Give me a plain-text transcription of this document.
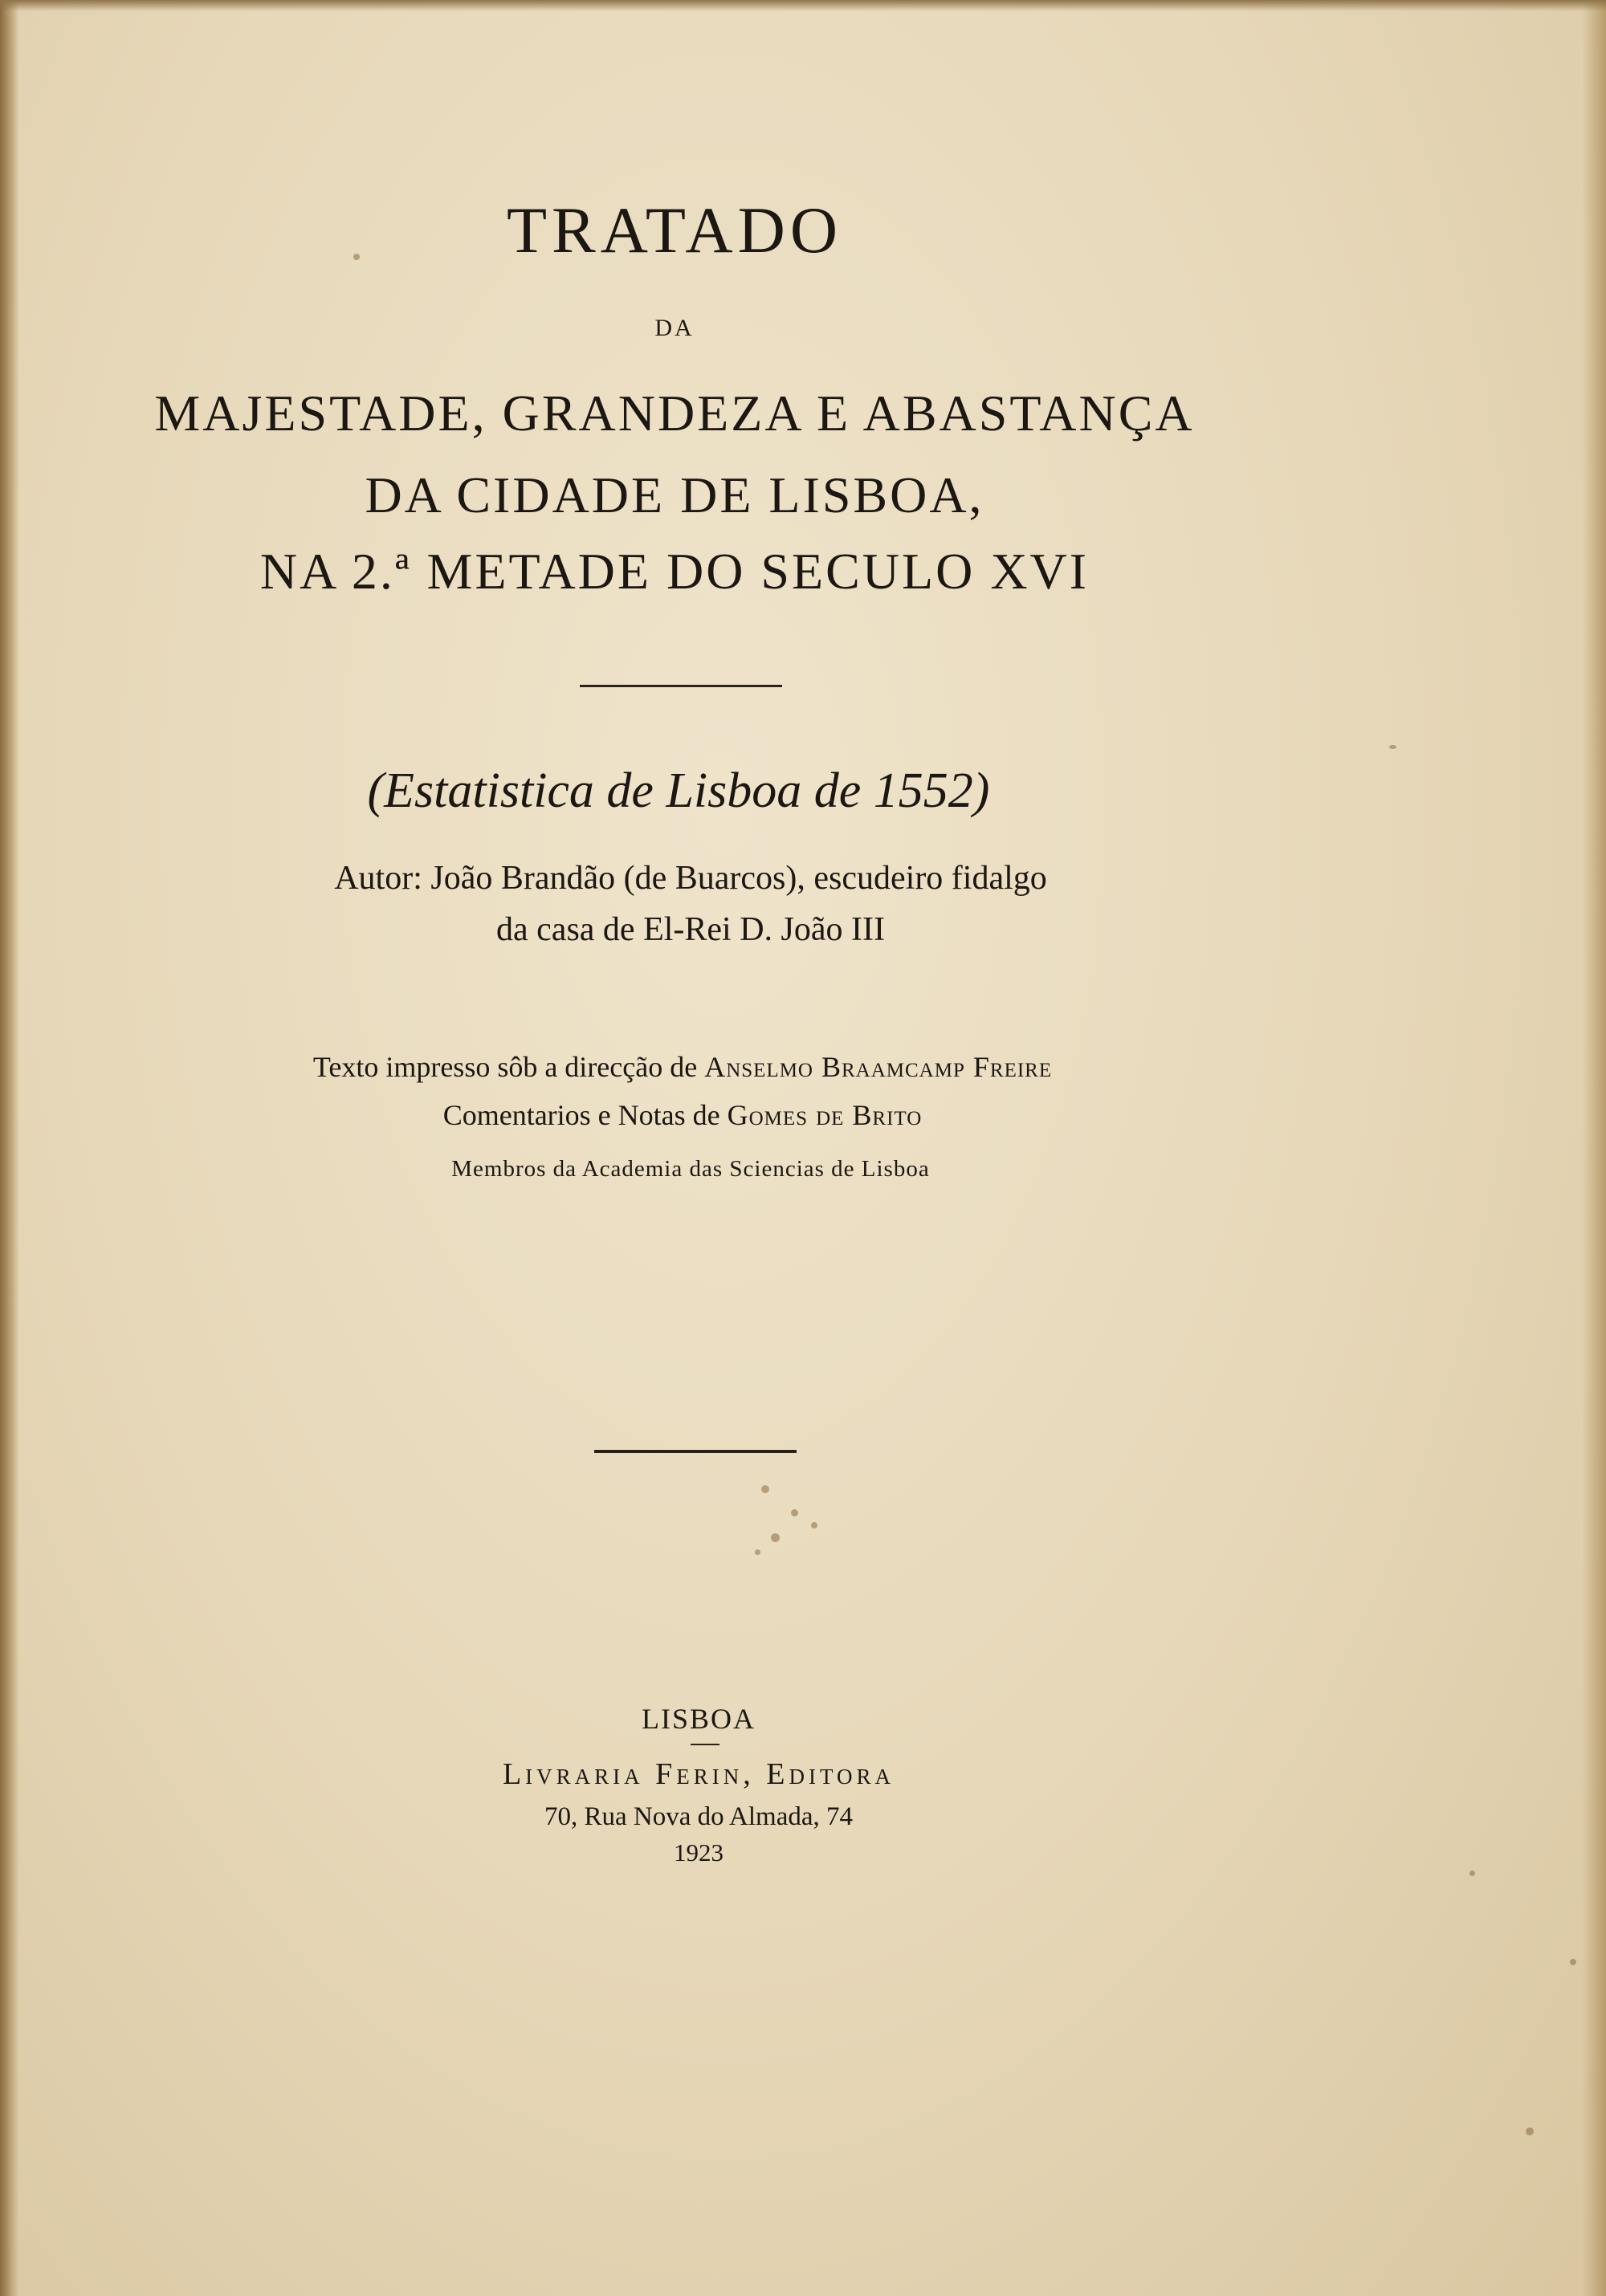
TRATADO
DA
MAJESTADE, GRANDEZA E ABASTANÇA
DA CIDADE DE LISBOA,
NA 2.ª METADE DO SECULO XVI
(Estatistica de Lisboa de 1552)
Autor: João Brandão (de Buarcos), escudeiro fidalgo
da casa de El-Rei D. João III
Texto impresso sôb a direcção de Anselmo Braamcamp Freire
Comentarios e Notas de Gomes de Brito
Membros da Academia das Sciencias de Lisboa
LISBOA
Livraria Ferin, Editora
70, Rua Nova do Almada, 74
1923
